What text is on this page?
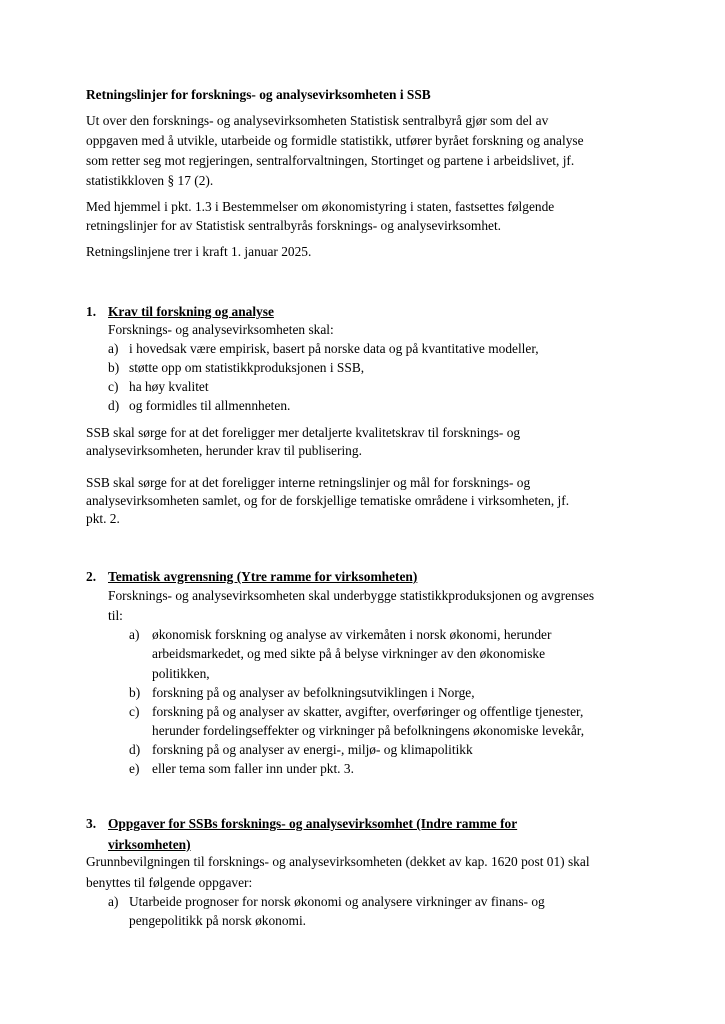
Retningslinjer for forsknings- og analysevirksomheten i SSB
Ut over den forsknings- og analysevirksomheten Statistisk sentralbyrå gjør som del av
oppgaven med å utvikle, utarbeide og formidle statistikk, utfører byrået forskning og analyse
som retter seg mot regjeringen, sentralforvaltningen, Stortinget og partene i arbeidslivet, jf.
statistikkloven § 17 (2).
Med hjemmel i pkt. 1.3 i Bestemmelser om økonomistyring i staten, fastsettes følgende
retningslinjer for av Statistisk sentralbyrås forsknings- og analysevirksomhet.
Retningslinjene trer i kraft 1. januar 2025.
1. Krav til forskning og analyse
Forsknings- og analysevirksomheten skal:
a) i hovedsak være empirisk, basert på norske data og på kvantitative modeller,
b) støtte opp om statistikkproduksjonen i SSB,
c) ha høy kvalitet
d) og formidles til allmennheten.
SSB skal sørge for at det foreligger mer detaljerte kvalitetskrav til forsknings- og
analysevirksomheten, herunder krav til publisering.
SSB skal sørge for at det foreligger interne retningslinjer og mål for forsknings- og
analysevirksomheten samlet, og for de forskjellige tematiske områdene i virksomheten, jf.
pkt. 2.
2. Tematisk avgrensning (Ytre ramme for virksomheten)
Forsknings- og analysevirksomheten skal underbygge statistikkproduksjonen og avgrenses
til:
a) økonomisk forskning og analyse av virkemåten i norsk økonomi, herunder
arbeidsmarkedet, og med sikte på å belyse virkninger av den økonomiske
politikken,
b) forskning på og analyser av befolkningsutviklingen i Norge,
c) forskning på og analyser av skatter, avgifter, overføringer og offentlige tjenester,
herunder fordelingseffekter og virkninger på befolkningens økonomiske levekår,
d) forskning på og analyser av energi-, miljø- og klimapolitikk
e) eller tema som faller inn under pkt. 3.
3. Oppgaver for SSBs forsknings- og analysevirksomhet (Indre ramme for
virksomheten)
Grunnbevilgningen til forsknings- og analysevirksomheten (dekket av kap. 1620 post 01) skal
benyttes til følgende oppgaver:
a) Utarbeide prognoser for norsk økonomi og analysere virkninger av finans- og
pengepolitikk på norsk økonomi.
